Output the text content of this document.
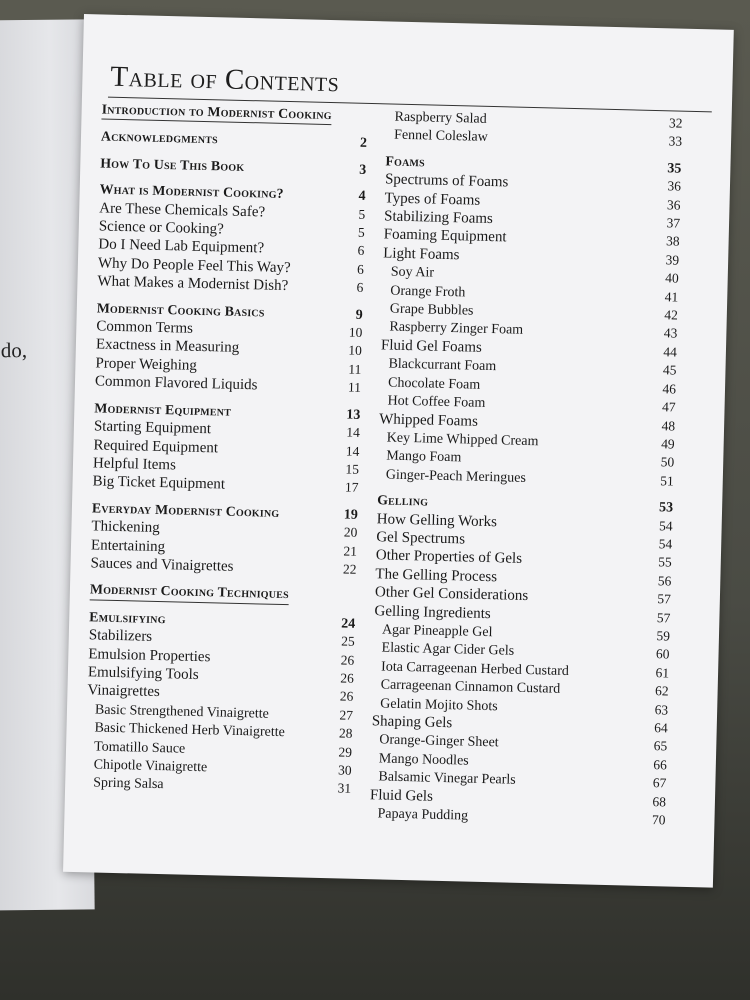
do,
Table of Contents
Introduction to Modernist Cooking
Acknowledgments	2
How To Use This Book	3
What is Modernist Cooking?	4
Are These Chemicals Safe?	5
Science or Cooking?	5
Do I Need Lab Equipment?	6
Why Do People Feel This Way?	6
What Makes a Modernist Dish?	6
Modernist Cooking Basics	9
Common Terms	10
Exactness in Measuring	10
Proper Weighing	11
Common Flavored Liquids	11
Modernist Equipment	13
Starting Equipment	14
Required Equipment	14
Helpful Items	15
Big Ticket Equipment	17
Everyday Modernist Cooking	19
Thickening	20
Entertaining	21
Sauces and Vinaigrettes	22
Modernist Cooking Techniques
Emulsifying	24
Stabilizers	25
Emulsion Properties	26
Emulsifying Tools	26
Vinaigrettes	26
Basic Strengthened Vinaigrette	27
Basic Thickened Herb Vinaigrette	28
Tomatillo Sauce	29
Chipotle Vinaigrette	30
Spring Salsa	31
Raspberry Salad	32
Fennel Coleslaw	33
Foams	35
Spectrums of Foams	36
Types of Foams	36
Stabilizing Foams	37
Foaming Equipment	38
Light Foams	39
Soy Air	40
Orange Froth	41
Grape Bubbles	42
Raspberry Zinger Foam	43
Fluid Gel Foams	44
Blackcurrant Foam	45
Chocolate Foam	46
Hot Coffee Foam	47
Whipped Foams	48
Key Lime Whipped Cream	49
Mango Foam	50
Ginger-Peach Meringues	51
Gelling	53
How Gelling Works	54
Gel Spectrums	54
Other Properties of Gels	55
The Gelling Process	56
Other Gel Considerations	57
Gelling Ingredients	57
Agar Pineapple Gel	59
Elastic Agar Cider Gels	60
Iota Carrageenan Herbed Custard	61
Carrageenan Cinnamon Custard	62
Gelatin Mojito Shots	63
Shaping Gels	64
Orange-Ginger Sheet	65
Mango Noodles	66
Balsamic Vinegar Pearls	67
Fluid Gels	68
Papaya Pudding	70
